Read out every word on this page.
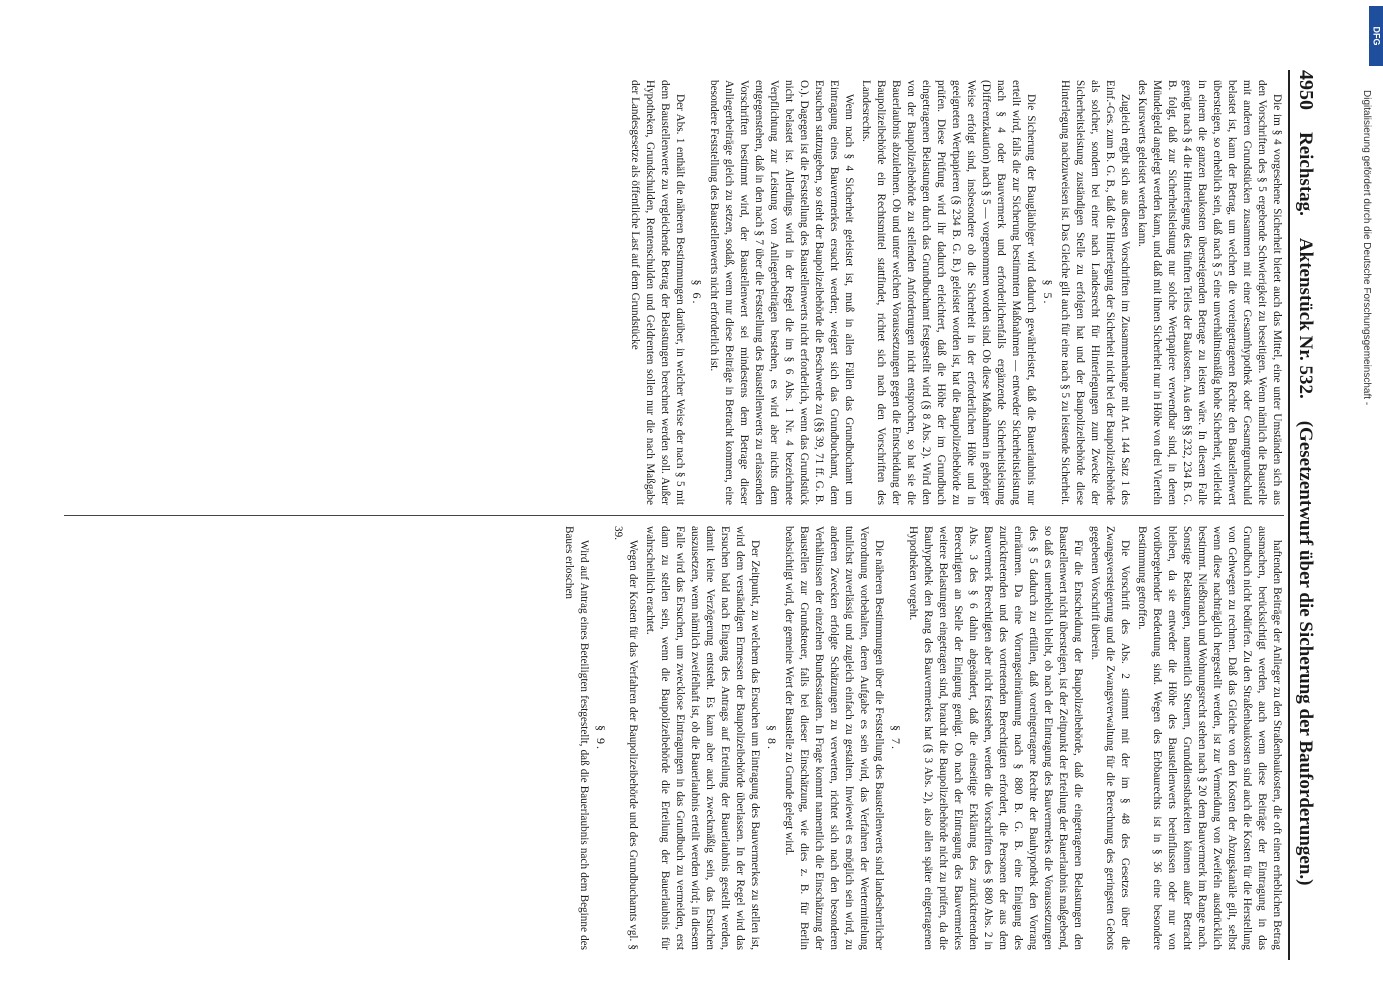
DFG
Digitalisierung gefördert durch die Deutsche Forschungsgemeinschaft -
4950
Reichstag.
Aktenstück Nr. 532.
(Gesetzentwurf über die Sicherung der Bauforderungen.)

Die im § 4 vorgesehene Sicherheit bietet auch das Mittel, eine unter Umständen sich aus den Vorschriften des § 5 ergebende Schwierigkeit zu beseitigen. Wenn nämlich die Baustelle mit anderen Grundstücken zusammen mit einer Gesamthypothek oder Gesamtgrundschuld belastet ist, kann der Betrag, um welchen die voreingetragenen Rechte den Baustellenwert übersteigen, so erheblich sein, daß nach § 5 eine unverhältnismäßig hohe Sicherheit, vielleicht in einem die ganzen Baukosten übersteigenden Betrage zu leisten wäre. In diesem Falle genügt nach § 4 die Hinterlegung des fünften Teiles der Baukosten. Aus den §§ 232, 234 B. G. B. folgt, daß zur Sicherheitsleistung nur solche Wertpapiere verwendbar sind, in denen Mündelgeld angelegt werden kann, und daß mit ihnen Sicherheit nur in Höhe von drei Vierteln des Kurswerts geleistet werden kann.

Zugleich ergibt sich aus diesen Vorschriften im Zusammenhange mit Art. 144 Satz 1 des Einf.-Ges. zum B. G. B., daß die Hinterlegung der Sicherheit nicht bei der Baupolizeibehörde als solcher, sondern bei einer nach Landesrecht für Hinterlegungen zum Zwecke der Sicherheitsleistung zuständigen Stelle zu erfolgen hat und der Baupolizeibehörde diese Hinterlegung nachzuweisen ist. Das Gleiche gilt auch für eine nach § 5 zu leistende Sicherheit.

§ 5.

Die Sicherung der Baugläubiger wird dadurch gewährleistet, daß die Bauerlaubnis nur erteilt wird, falls die zur Sicherung bestimmten Maßnahmen — entweder Sicherheitsleistung nach § 4 oder Bauvermerk und erforderlichenfalls ergänzende Sicherheitsleistung (Differenzkaution) nach § 5 — vorgenommen worden sind. Ob diese Maßnahmen in gehöriger Weise erfolgt sind, insbesondere ob die Sicherheit in der erforderlichen Höhe und in geeigneten Wertpapieren (§ 234 B. G. B.) geleistet worden ist, hat die Baupolizeibehörde zu prüfen. Diese Prüfung wird ihr dadurch erleichtert, daß die Höhe der im Grundbuch eingetragenen Belastungen durch das Grundbuchamt festgestellt wird (§ 8 Abs. 2). Wird den von der Baupolizeibehörde zu stellenden Anforderungen nicht entsprochen, so hat sie die Bauerlaubnis abzulehnen. Ob und unter welchen Voraussetzungen gegen die Entscheidung der Baupolizeibehörde ein Rechtsmittel stattfindet, richtet sich nach den Vorschriften des Landesrechts.

Wenn nach § 4 Sicherheit geleistet ist, muß in allen Fällen das Grundbuchamt um Eintragung eines Bauvermerkes ersucht werden; weigert sich das Grundbuchamt, dem Ersuchen stattzugeben, so steht der Baupolizeibehörde die Beschwerde zu (§§ 39, 71 ff. G. B. O.). Dagegen ist die Feststellung des Baustellenwerts nicht erforderlich, wenn das Grundstück nicht belastet ist. Allerdings wird in der Regel die im § 6 Abs. 1 Nr. 4 bezeichnete Verpflichtung zur Leistung von Anliegerbeiträgen bestehen, es wird aber nichts dem entgegenstehen, daß in den nach § 7 über die Feststellung des Baustellenwerts zu erlassenden Vorschriften bestimmt wird, der Baustellenwert sei mindestens dem Betrage dieser Anliegerbeiträge gleich zu setzen, sodaß, wenn nur diese Beiträge in Betracht kommen, eine besondere Feststellung des Baustellenwerts nicht erforderlich ist.

§ 6.

Der Abs. 1 enthält die näheren Bestimmungen darüber, in welcher Weise der nach § 5 mit dem Baustellenwerte zu vergleichende Betrag der Belastungen berechnet werden soll. Außer Hypotheken, Grundschulden, Rentenschulden und Geldrenten sollen nur die nach Maßgabe der Landesgesetze als öffentliche Last auf dem Grundstücke

haftenden Beiträge der Anlieger zu den Straßenbaukosten, die oft einen erheblichen Betrag ausmachen, berücksichtigt werden, auch wenn diese Beiträge der Eintragung in das Grundbuch nicht bedürfen. Zu den Straßenbaukosten sind auch die Kosten für die Herstellung von Gehwegen zu rechnen. Daß das Gleiche von den Kosten der Abzugskanäle gilt, selbst wenn diese nachträglich hergestellt werden, ist zur Vermeidung von Zweifeln ausdrücklich bestimmt. Nießbrauch und Wohnungsrecht stehen nach § 20 dem Bauvermerk im Range nach. Sonstige Belastungen, namentlich Steuern, Grunddienstbarkeiten können außer Betracht bleiben, da sie entweder die Höhe des Baustellenwerts beeinflussen oder nur von vorübergehender Bedeutung sind. Wegen des Erbbaurechts ist in § 36 eine besondere Bestimmung getroffen.

Die Vorschrift des Abs. 2 stimmt mit der im § 48 des Gesetzes über die Zwangsversteigerung und die Zwangsverwaltung für die Berechnung des geringsten Gebots gegebenen Vorschrift überein.

Für die Entscheidung der Baupolizeibehörde, daß die eingetragenen Belastungen den Baustellenwert nicht übersteigen, ist der Zeitpunkt der Erteilung der Bauerlaubnis maßgebend, so daß es unerheblich bleibt, ob nach der Eintragung des Bauvermerkes die Voraussetzungen des § 5 dadurch zu erfüllen, daß voreingetragene Rechte der Bauhypothek den Vorrang einräumen. Da eine Vorrangseinräumung nach § 880 B. G. B. eine Einigung des zurücktretenden und des vortretenden Berechtigten erfordert, die Personen der aus dem Bauvermerk Berechtigten aber nicht feststehen, werden die Vorschriften des § 880 Abs. 2 in Abs. 3 des § 6 dahin abgeändert, daß die einseitige Erklärung des zurücktretenden Berechtigten an Stelle der Einigung genügt. Ob nach der Eintragung des Bauvermerkes weitere Belastungen eingetragen sind, braucht die Baupolizeibehörde nicht zu prüfen, da die Bauhypothek den Rang des Bauvermerkes hat (§ 3 Abs. 2), also allen später eingetragenen Hypotheken vorgeht.

§ 7.

Die näheren Bestimmungen über die Feststellung des Baustellenwerts sind landesherrlicher Verordnung vorbehalten, deren Aufgabe es sein wird, das Verfahren der Wertermittelung tunlichst zuverlässig und zugleich einfach zu gestalten. Inwieweit es möglich sein wird, zu anderen Zwecken erfolgte Schätzungen zu verwerten, richtet sich nach den besonderen Verhältnissen der einzelnen Bundesstaaten. In Frage kommt namentlich die Einschätzung der Baustellen zur Grundsteuer, falls bei dieser Einschätzung, wie dies z. B. für Berlin beabsichtigt wird, der gemeine Wert der Baustelle zu Grunde gelegt wird.

§ 8.

Der Zeitpunkt, zu welchem das Ersuchen um Eintragung des Bauvermerkes zu stellen ist, wird dem verständigen Ermessen der Baupolizeibehörde überlassen. In der Regel wird das Ersuchen bald nach Eingang des Antrags auf Erteilung der Bauerlaubnis gestellt werden, damit keine Verzögerung entsteht. Es kann aber auch zweckmäßig sein, das Ersuchen auszusetzen, wenn nämlich zweifelhaft ist, ob die Bauerlaubnis erteilt werden wird; in diesem Falle wird das Ersuchen, um zwecklose Eintragungen in das Grundbuch zu vermeiden, erst dann zu stellen sein, wenn die Baupolizeibehörde die Erteilung der Bauerlaubnis für wahrscheinlich erachtet.

Wegen der Kosten für das Verfahren der Baupolizeibehörde und des Grundbuchamts vgl. § 39.

§ 9.

Wird auf Antrag eines Beteiligten festgestellt, daß die Bauerlaubnis nach dem Beginne des Baues erloschen
